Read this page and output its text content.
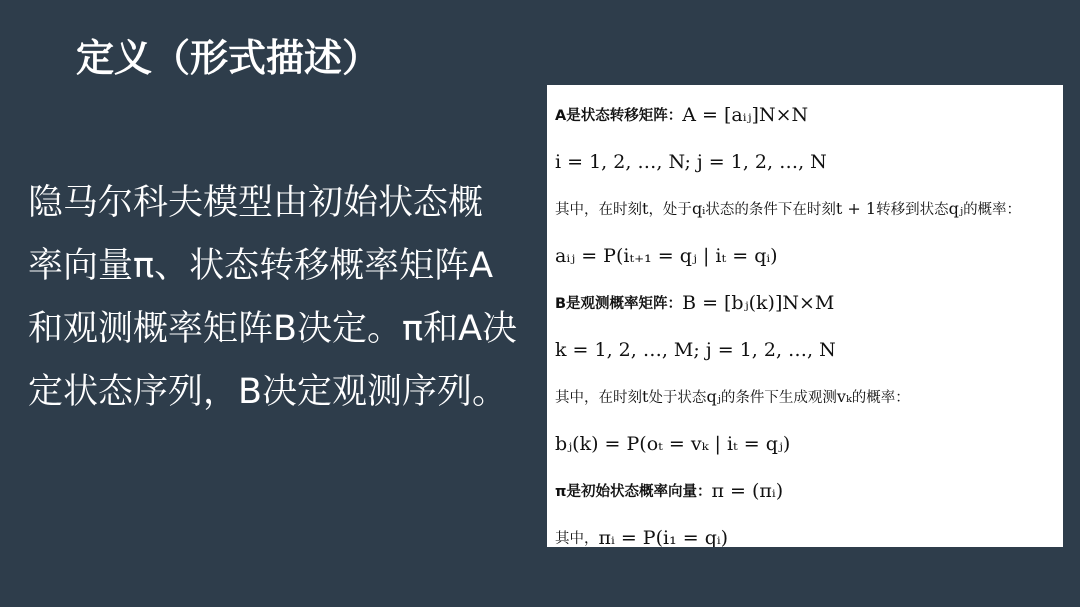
定义（形式描述）
隐马尔科夫模型由初始状态概
率向量π、状态转移概率矩阵A
和观测概率矩阵B决定。π和A决
定状态序列，B决定观测序列。
A是状态转移矩阵： A = [aᵢⱼ]N×N
i = 1, 2, …, N; j = 1, 2, …, N
其中，在时刻 t ，处于 qᵢ 状态的条件下在时刻 t + 1 转移到状态 qⱼ 的概率：
aᵢⱼ = P(iₜ₊₁ = qⱼ | iₜ = qᵢ)
B是观测概率矩阵： B = [bⱼ(k)]N×M
k = 1, 2, …, M; j = 1, 2, …, N
其中，在时刻 t 处于状态 qⱼ 的条件下生成观测 vₖ 的概率：
bⱼ(k) = P(oₜ = vₖ | iₜ = qⱼ)
π是初始状态概率向量： π = (πᵢ)
其中， πᵢ = P(i₁ = qᵢ)
